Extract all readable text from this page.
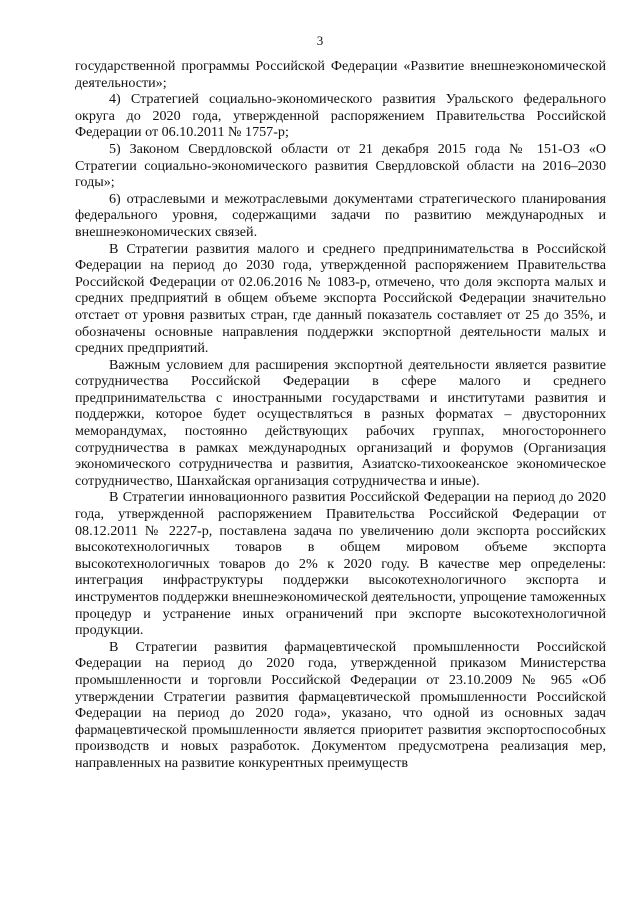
3

государственной программы Российской Федерации «Развитие внешнеэкономической деятельности»;

4) Стратегией социально-экономического развития Уральского федерального округа до 2020 года, утвержденной распоряжением Правительства Российской Федерации от 06.10.2011 № 1757-р;

5) Законом Свердловской области от 21 декабря 2015 года № 151-ОЗ «О Стратегии социально-экономического развития Свердловской области на 2016–2030 годы»;

6) отраслевыми и межотраслевыми документами стратегического планирования федерального уровня, содержащими задачи по развитию международных и внешнеэкономических связей.

В Стратегии развития малого и среднего предпринимательства в Российской Федерации на период до 2030 года, утвержденной распоряжением Правительства Российской Федерации от 02.06.2016 № 1083-р, отмечено, что доля экспорта малых и средних предприятий в общем объеме экспорта Российской Федерации значительно отстает от уровня развитых стран, где данный показатель составляет от 25 до 35%, и обозначены основные направления поддержки экспортной деятельности малых и средних предприятий.

Важным условием для расширения экспортной деятельности является развитие сотрудничества Российской Федерации в сфере малого и среднего предпринимательства с иностранными государствами и институтами развития и поддержки, которое будет осуществляться в разных форматах – двусторонних меморандумах, постоянно действующих рабочих группах, многостороннего сотрудничества в рамках международных организаций и форумов (Организация экономического сотрудничества и развития, Азиатско-тихоокеанское экономическое сотрудничество, Шанхайская организация сотрудничества и иные).

В Стратегии инновационного развития Российской Федерации на период до 2020 года, утвержденной распоряжением Правительства Российской Федерации от 08.12.2011 № 2227-р, поставлена задача по увеличению доли экспорта российских высокотехнологичных товаров в общем мировом объеме экспорта высокотехнологичных товаров до 2% к 2020 году. В качестве мер определены: интеграция инфраструктуры поддержки высокотехнологичного экспорта и инструментов поддержки внешнеэкономической деятельности, упрощение таможенных процедур и устранение иных ограничений при экспорте высокотехнологичной продукции.

В Стратегии развития фармацевтической промышленности Российской Федерации на период до 2020 года, утвержденной приказом Министерства промышленности и торговли Российской Федерации от 23.10.2009 № 965 «Об утверждении Стратегии развития фармацевтической промышленности Российской Федерации на период до 2020 года», указано, что одной из основных задач фармацевтической промышленности является приоритет развития экспортоспособных производств и новых разработок. Документом предусмотрена реализация мер, направленных на развитие конкурентных преимуществ
